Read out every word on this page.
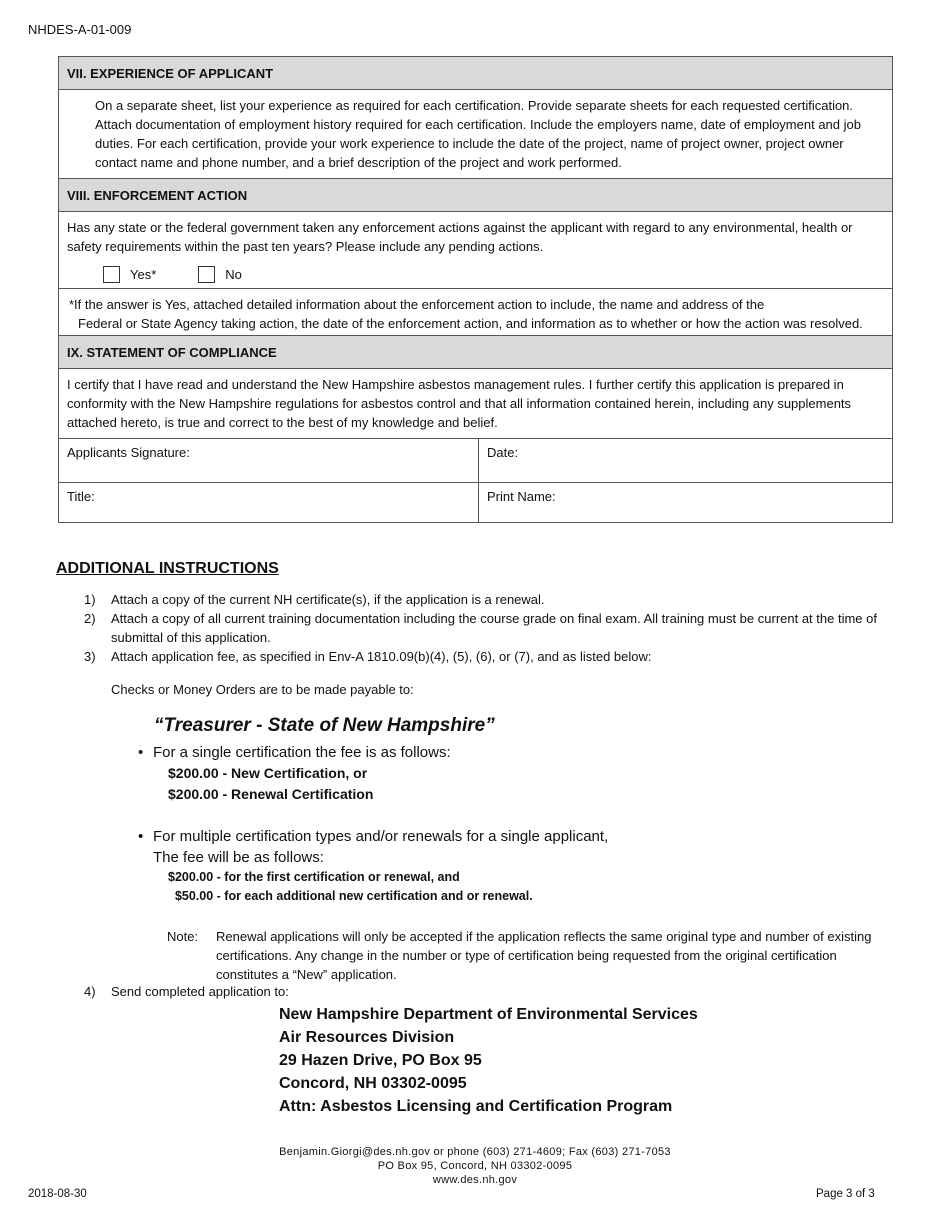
NHDES-A-01-009
VII. EXPERIENCE OF APPLICANT
On a separate sheet, list your experience as required for each certification. Provide separate sheets for each requested certification. Attach documentation of employment history required for each certification. Include the employers name, date of employment and job duties. For each certification, provide your work experience to include the date of the project, name of project owner, project owner contact name and phone number, and a brief description of the project and work performed.
VIII. ENFORCEMENT ACTION
Has any state or the federal government taken any enforcement actions against the applicant with regard to any environmental, health or safety requirements within the past ten years? Please include any pending actions.
Yes*	No
*If the answer is Yes, attached detailed information about the enforcement action to include, the name and address of the
Federal or State Agency taking action, the date of the enforcement action, and information as to whether or how the action was resolved.
IX. STATEMENT OF COMPLIANCE
I certify that I have read and understand the New Hampshire asbestos management rules. I further certify this application is prepared in conformity with the New Hampshire regulations for asbestos control and that all information contained herein, including any supplements attached hereto, is true and correct to the best of my knowledge and belief.
Applicants Signature:	Date:
Title:	Print Name:
ADDITIONAL INSTRUCTIONS
1)	Attach a copy of the current NH certificate(s), if the application is a renewal.
2)	Attach a copy of all current training documentation including the course grade on final exam. All training must be current at the time of submittal of this application.
3)	Attach application fee, as specified in Env-A 1810.09(b)(4), (5), (6), or (7), and as listed below:
Checks or Money Orders are to be made payable to:
“Treasurer - State of New Hampshire”
• For a single certification the fee is as follows:
$200.00 - New Certification, or
$200.00 - Renewal Certification
• For multiple certification types and/or renewals for a single applicant,
The fee will be as follows:
$200.00 - for the first certification or renewal, and
$50.00 - for each additional new certification and or renewal.
Note:	Renewal applications will only be accepted if the application reflects the same original type and number of existing certifications. Any change in the number or type of certification being requested from the original certification constitutes a “New” application.
4)	Send completed application to:
New Hampshire Department of Environmental Services
Air Resources Division
29 Hazen Drive, PO Box 95
Concord, NH 03302-0095
Attn: Asbestos Licensing and Certification Program
Benjamin.Giorgi@des.nh.gov or phone (603) 271-4609; Fax (603) 271-7053
PO Box 95, Concord, NH 03302-0095
www.des.nh.gov
2018-08-30	Page 3 of 3
